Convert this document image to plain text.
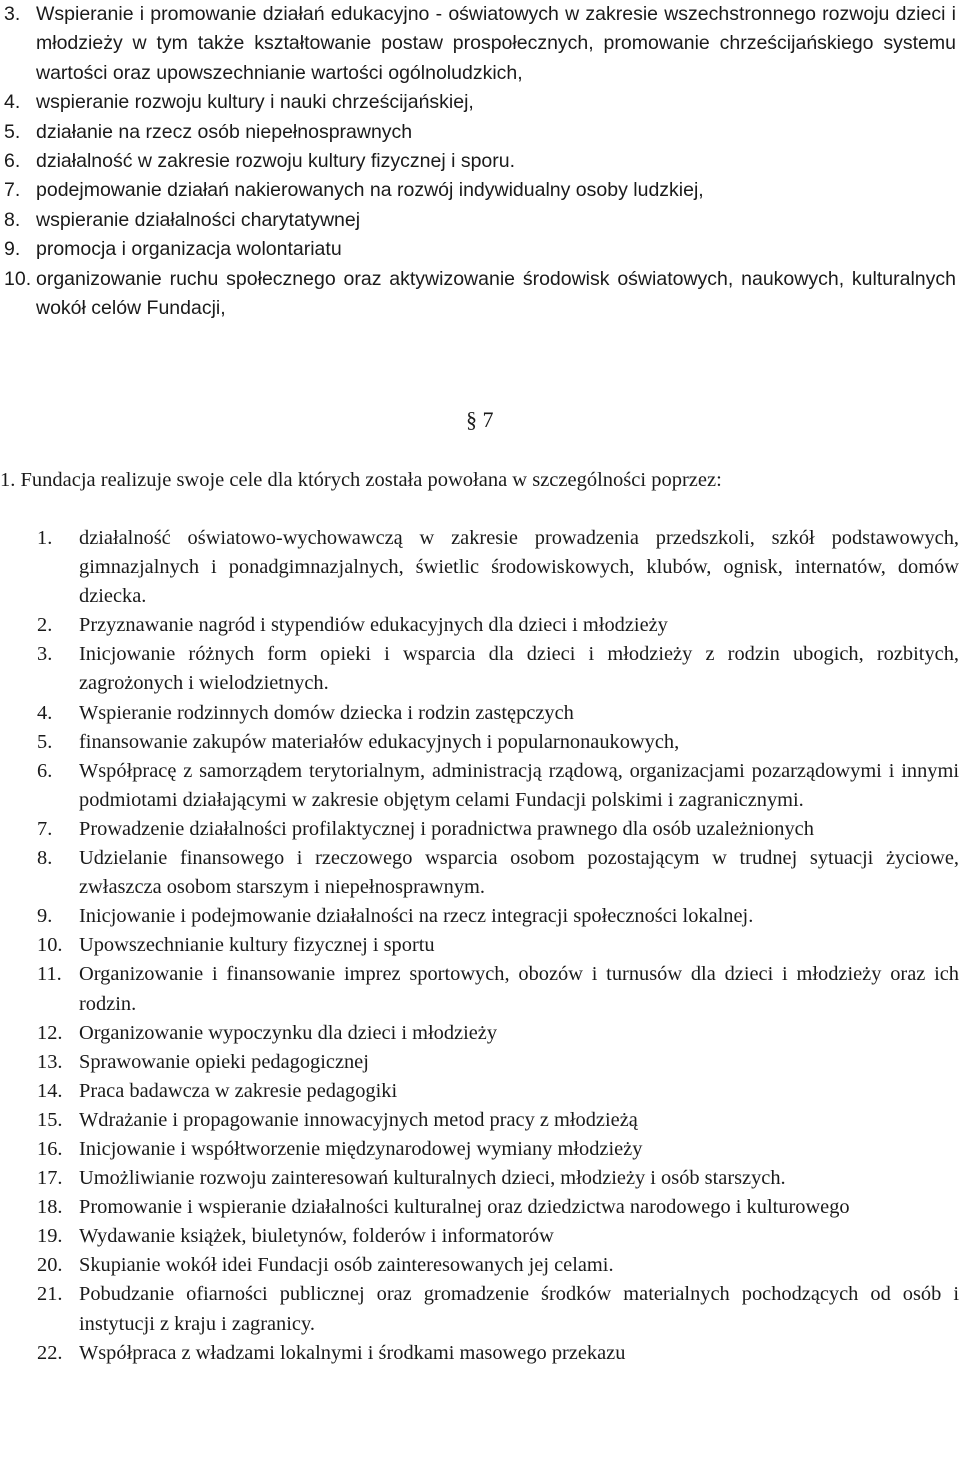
3. Wspieranie i promowanie działań edukacyjno - oświatowych w zakresie wszechstronnego rozwoju dzieci i młodzieży w tym także kształtowanie postaw prospołecznych, promowanie chrześcijańskiego systemu wartości oraz upowszechnianie wartości ogólnoludzkich,
4. wspieranie rozwoju kultury i nauki chrześcijańskiej,
5. działanie na rzecz osób niepełnosprawnych
6. działalność w zakresie rozwoju kultury fizycznej i sporu.
7. podejmowanie działań nakierowanych na rozwój indywidualny osoby ludzkiej,
8. wspieranie działalności charytatywnej
9. promocja i organizacja wolontariatu
10. organizowanie ruchu społecznego oraz aktywizowanie środowisk oświatowych, naukowych, kulturalnych wokół celów Fundacji,
§ 7

1. Fundacja realizuje swoje cele dla których została powołana w szczególności poprzez:

1.	działalność oświatowo-wychowawczą w zakresie prowadzenia przedszkoli, szkół podstawowych, gimnazjalnych i ponadgimnazjalnych, świetlic środowiskowych, klubów, ognisk, internatów, domów dziecka.
2.	Przyznawanie nagród i stypendiów edukacyjnych dla dzieci i młodzieży
3.	Inicjowanie różnych form opieki i wsparcia dla dzieci i młodzieży z rodzin ubogich, rozbitych, zagrożonych i wielodzietnych.
4.	Wspieranie rodzinnych domów dziecka i rodzin zastępczych
5.	finansowanie zakupów materiałów edukacyjnych i popularnonaukowych,
6.	Współpracę z samorządem terytorialnym, administracją rządową, organizacjami pozarządowymi i innymi podmiotami działającymi w zakresie objętym celami Fundacji polskimi i zagranicznymi.
7.	Prowadzenie działalności profilaktycznej i poradnictwa prawnego dla osób uzależnionych
8.	Udzielanie finansowego i rzeczowego wsparcia osobom pozostającym w trudnej sytuacji życiowe, zwłaszcza osobom starszym i niepełnosprawnym.
9.	Inicjowanie i podejmowanie działalności na rzecz integracji społeczności lokalnej.
10. Upowszechnianie kultury fizycznej i sportu
11. Organizowanie i finansowanie imprez sportowych, obozów i turnusów dla dzieci i młodzieży oraz ich rodzin.
12. Organizowanie wypoczynku dla dzieci i młodzieży
13. Sprawowanie opieki pedagogicznej
14. Praca badawcza w zakresie pedagogiki
15. Wdrażanie i propagowanie innowacyjnych metod pracy z młodzieżą
16. Inicjowanie i współtworzenie międzynarodowej wymiany młodzieży
17. Umożliwianie rozwoju zainteresowań kulturalnych dzieci, młodzieży i osób starszych.
18. Promowanie i wspieranie działalności kulturalnej oraz dziedzictwa narodowego i kulturowego
19. Wydawanie książek, biuletynów, folderów i informatorów
20. Skupianie wokół idei Fundacji osób zainteresowanych jej celami.
21. Pobudzanie ofiarności publicznej oraz gromadzenie środków materialnych pochodzących od osób i instytucji z kraju i zagranicy.
22. Współpraca z władzami lokalnymi i środkami masowego przekazu
